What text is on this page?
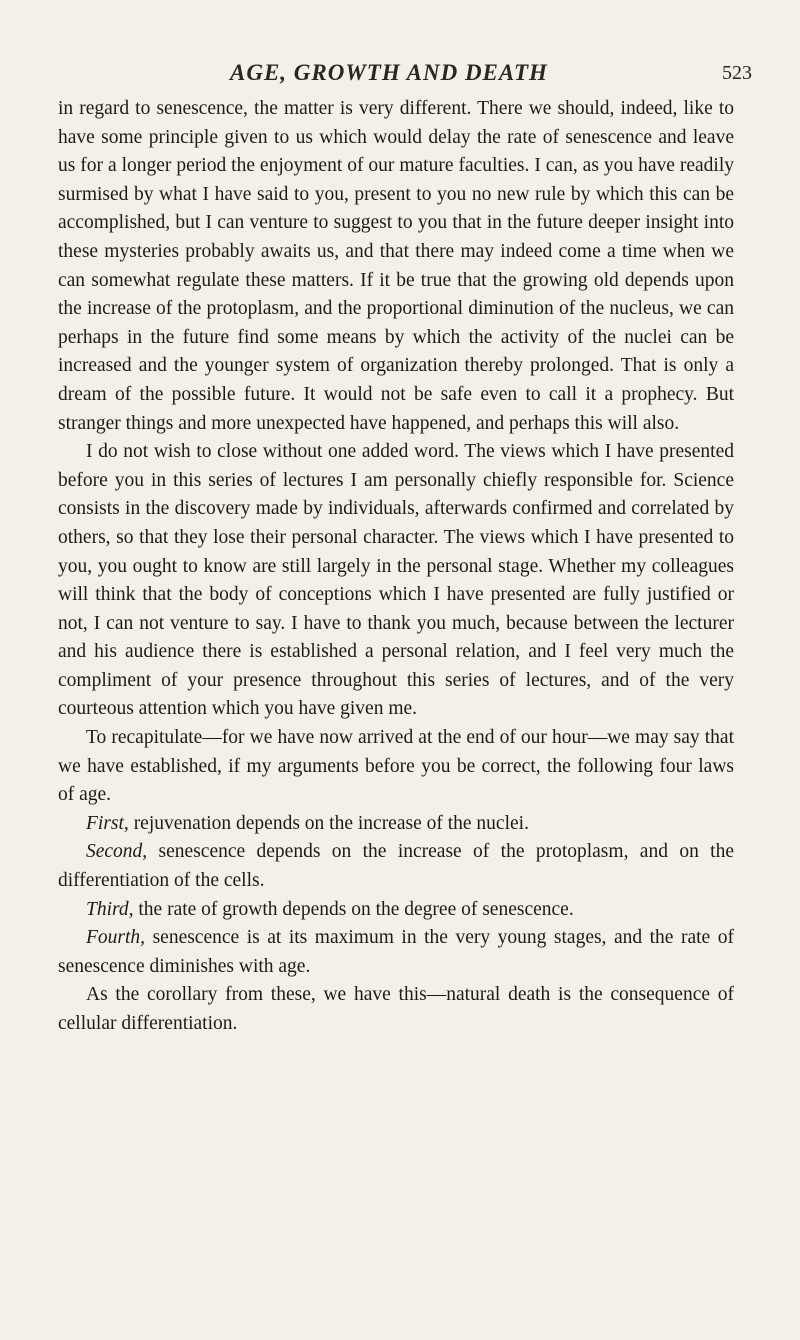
AGE, GROWTH AND DEATH	523

in regard to senescence, the matter is very different. There we should, indeed, like to have some principle given to us which would delay the rate of senescence and leave us for a longer period the enjoyment of our mature faculties. I can, as you have readily surmised by what I have said to you, present to you no new rule by which this can be accomplished, but I can venture to suggest to you that in the future deeper insight into these mysteries probably awaits us, and that there may indeed come a time when we can somewhat regulate these matters. If it be true that the growing old depends upon the increase of the protoplasm, and the proportional diminution of the nucleus, we can perhaps in the future find some means by which the activity of the nuclei can be increased and the younger system of organization thereby prolonged. That is only a dream of the possible future. It would not be safe even to call it a prophecy. But stranger things and more unexpected have happened, and perhaps this will also.

I do not wish to close without one added word. The views which I have presented before you in this series of lectures I am personally chiefly responsible for. Science consists in the discovery made by individuals, afterwards confirmed and correlated by others, so that they lose their personal character. The views which I have presented to you, you ought to know are still largely in the personal stage. Whether my colleagues will think that the body of conceptions which I have presented are fully justified or not, I can not venture to say. I have to thank you much, because between the lecturer and his audience there is established a personal relation, and I feel very much the compliment of your presence throughout this series of lectures, and of the very courteous attention which you have given me.

To recapitulate—for we have now arrived at the end of our hour—we may say that we have established, if my arguments before you be correct, the following four laws of age.

First, rejuvenation depends on the increase of the nuclei.

Second, senescence depends on the increase of the protoplasm, and on the differentiation of the cells.

Third, the rate of growth depends on the degree of senescence.

Fourth, senescence is at its maximum in the very young stages, and the rate of senescence diminishes with age.

As the corollary from these, we have this—natural death is the consequence of cellular differentiation.
